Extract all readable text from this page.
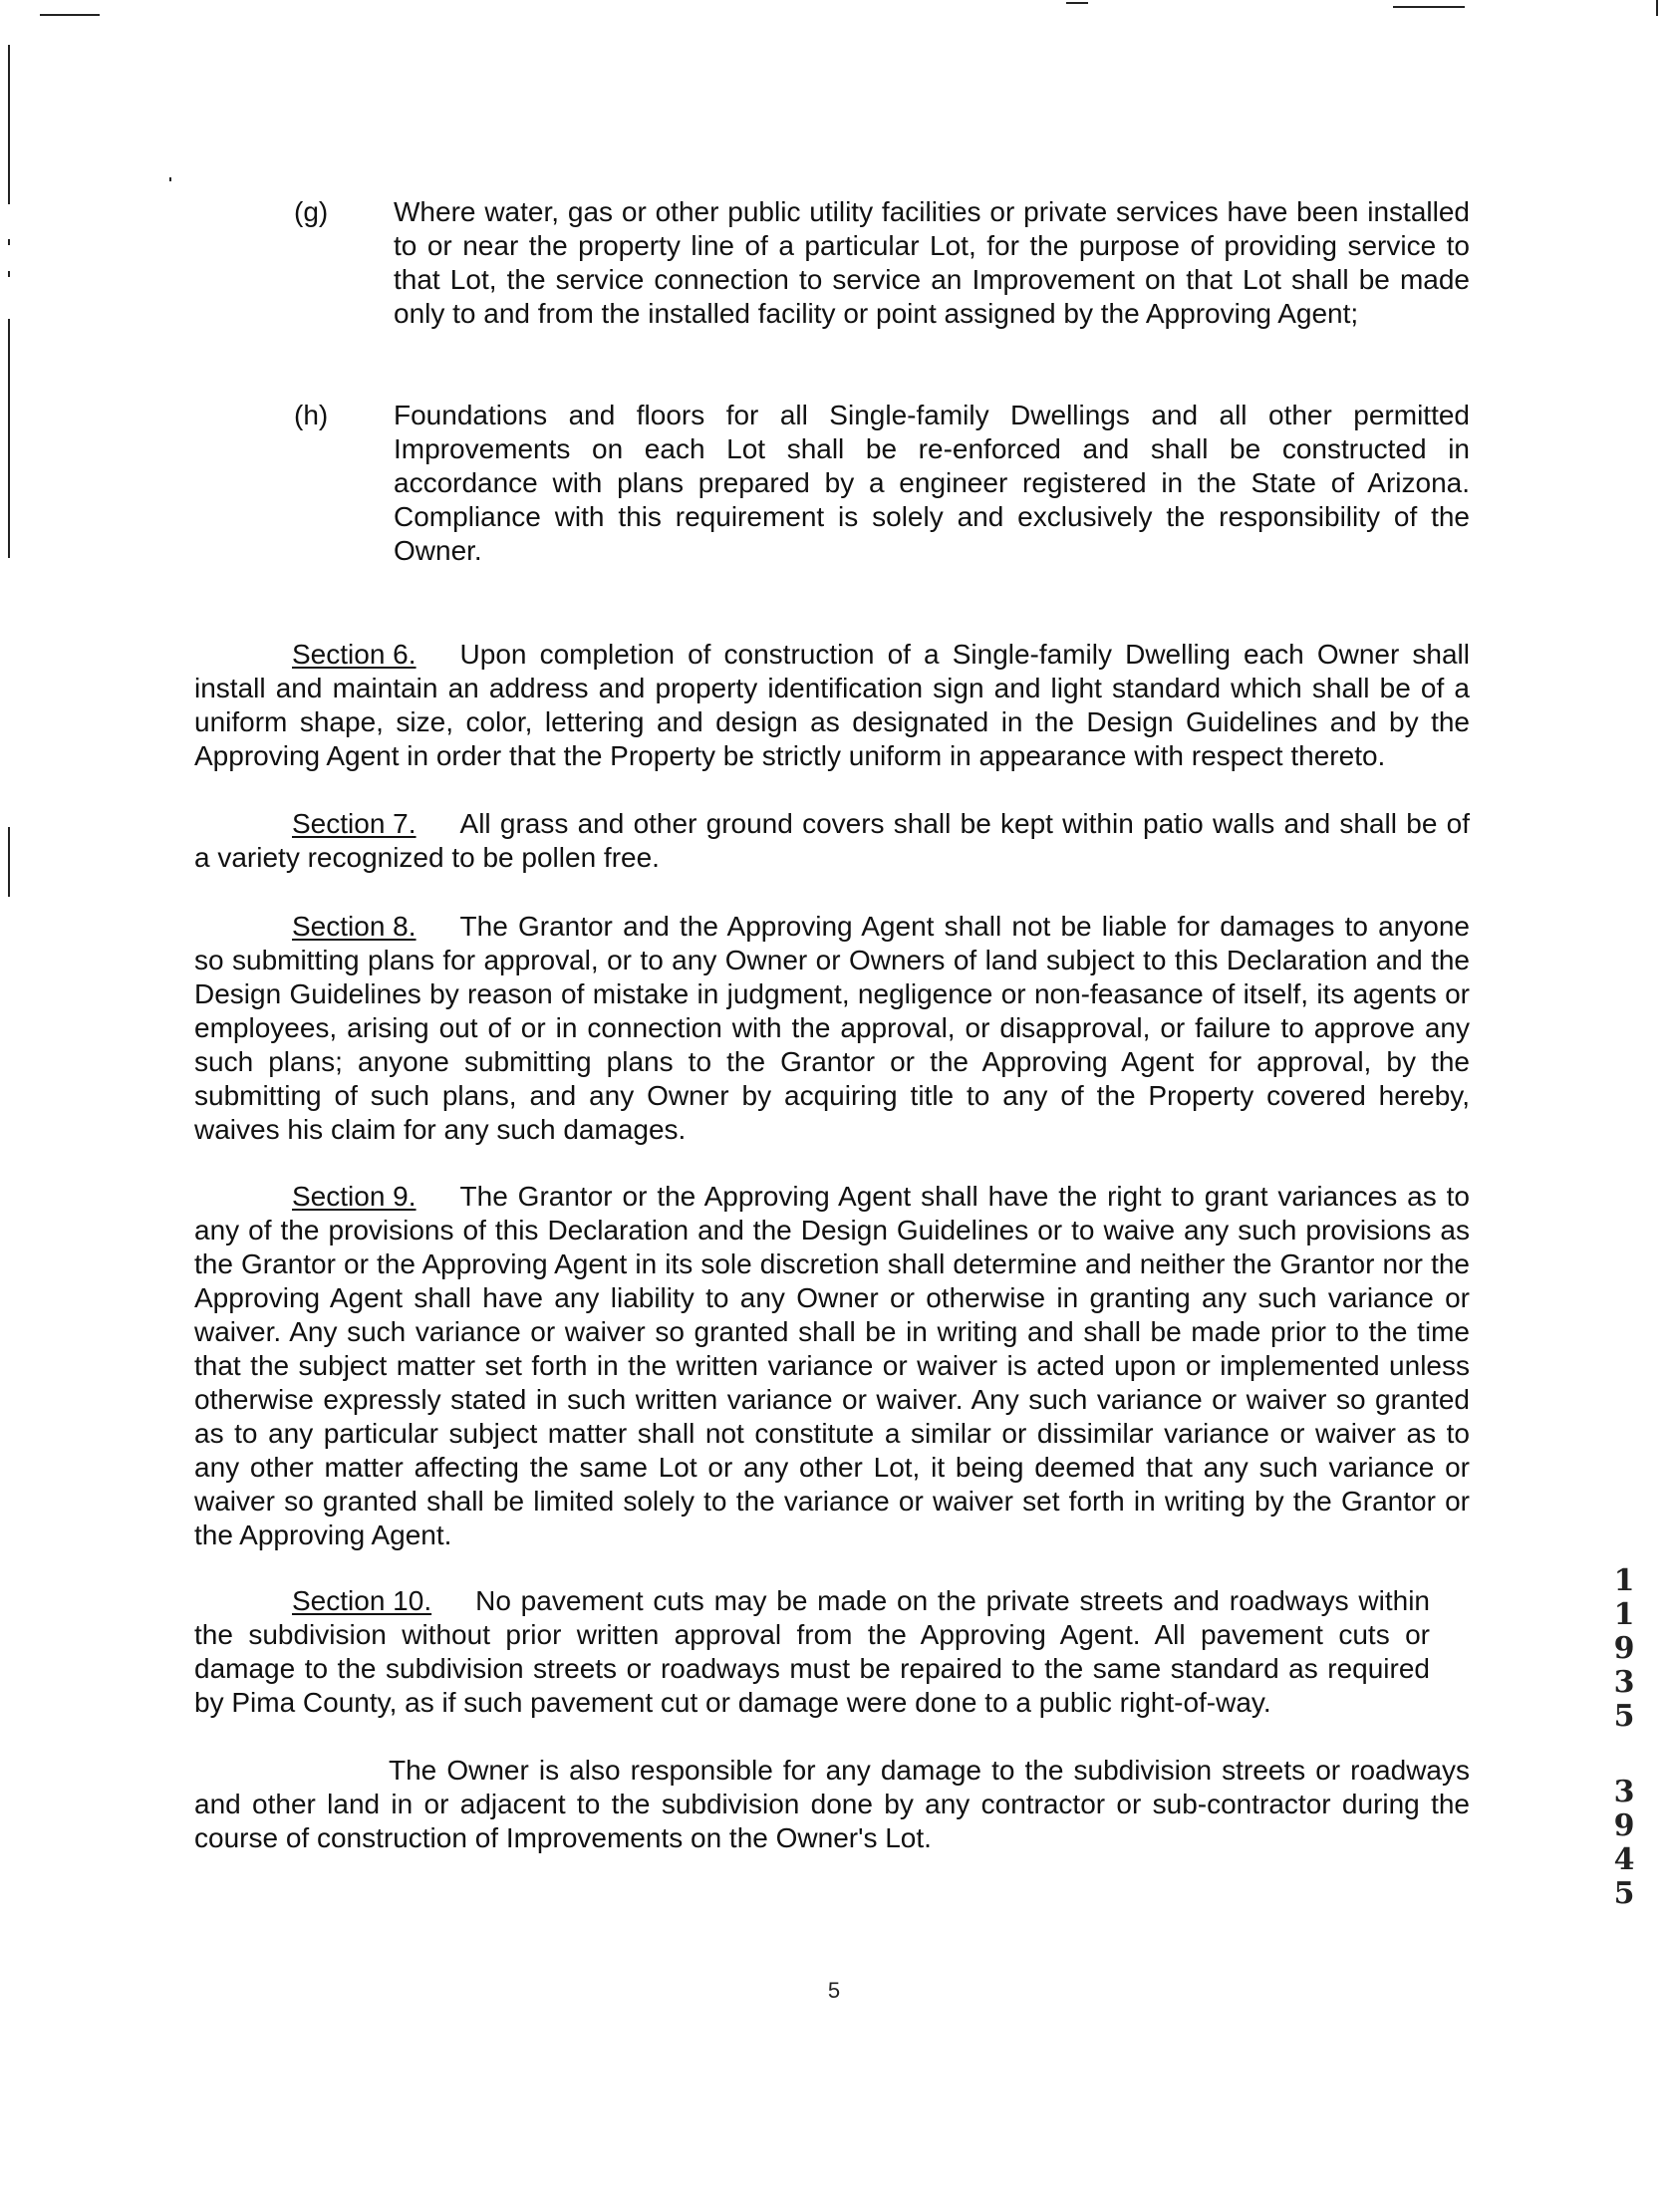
(g) Where water, gas or other public utility facilities or private services have been installed to or near the property line of a particular Lot, for the purpose of providing service to that Lot, the service connection to service an Improvement on that Lot shall be made only to and from the installed facility or point assigned by the Approving Agent;
(h) Foundations and floors for all Single-family Dwellings and all other permitted Improvements on each Lot shall be re-enforced and shall be constructed in accordance with plans prepared by a engineer registered in the State of Arizona. Compliance with this requirement is solely and exclusively the responsibility of the Owner.
Section 6. Upon completion of construction of a Single-family Dwelling each Owner shall install and maintain an address and property identification sign and light standard which shall be of a uniform shape, size, color, lettering and design as designated in the Design Guidelines and by the Approving Agent in order that the Property be strictly uniform in appearance with respect thereto.
Section 7. All grass and other ground covers shall be kept within patio walls and shall be of a variety recognized to be pollen free.
Section 8. The Grantor and the Approving Agent shall not be liable for damages to anyone so submitting plans for approval, or to any Owner or Owners of land subject to this Declaration and the Design Guidelines by reason of mistake in judgment, negligence or non-feasance of itself, its agents or employees, arising out of or in connection with the approval, or disapproval, or failure to approve any such plans; anyone submitting plans to the Grantor or the Approving Agent for approval, by the submitting of such plans, and any Owner by acquiring title to any of the Property covered hereby, waives his claim for any such damages.
Section 9. The Grantor or the Approving Agent shall have the right to grant variances as to any of the provisions of this Declaration and the Design Guidelines or to waive any such provisions as the Grantor or the Approving Agent in its sole discretion shall determine and neither the Grantor nor the Approving Agent shall have any liability to any Owner or otherwise in granting any such variance or waiver. Any such variance or waiver so granted shall be in writing and shall be made prior to the time that the subject matter set forth in the written variance or waiver is acted upon or implemented unless otherwise expressly stated in such written variance or waiver. Any such variance or waiver so granted as to any particular subject matter shall not constitute a similar or dissimilar variance or waiver as to any other matter affecting the same Lot or any other Lot, it being deemed that any such variance or waiver so granted shall be limited solely to the variance or waiver set forth in writing by the Grantor or the Approving Agent.
Section 10. No pavement cuts may be made on the private streets and roadways within the subdivision without prior written approval from the Approving Agent. All pavement cuts or damage to the subdivision streets or roadways must be repaired to the same standard as required by Pima County, as if such pavement cut or damage were done to a public right-of-way.
The Owner is also responsible for any damage to the subdivision streets or roadways and other land in or adjacent to the subdivision done by any contractor or sub-contractor during the course of construction of Improvements on the Owner's Lot.
5
1
1
9
3
5
3
9
4
5
